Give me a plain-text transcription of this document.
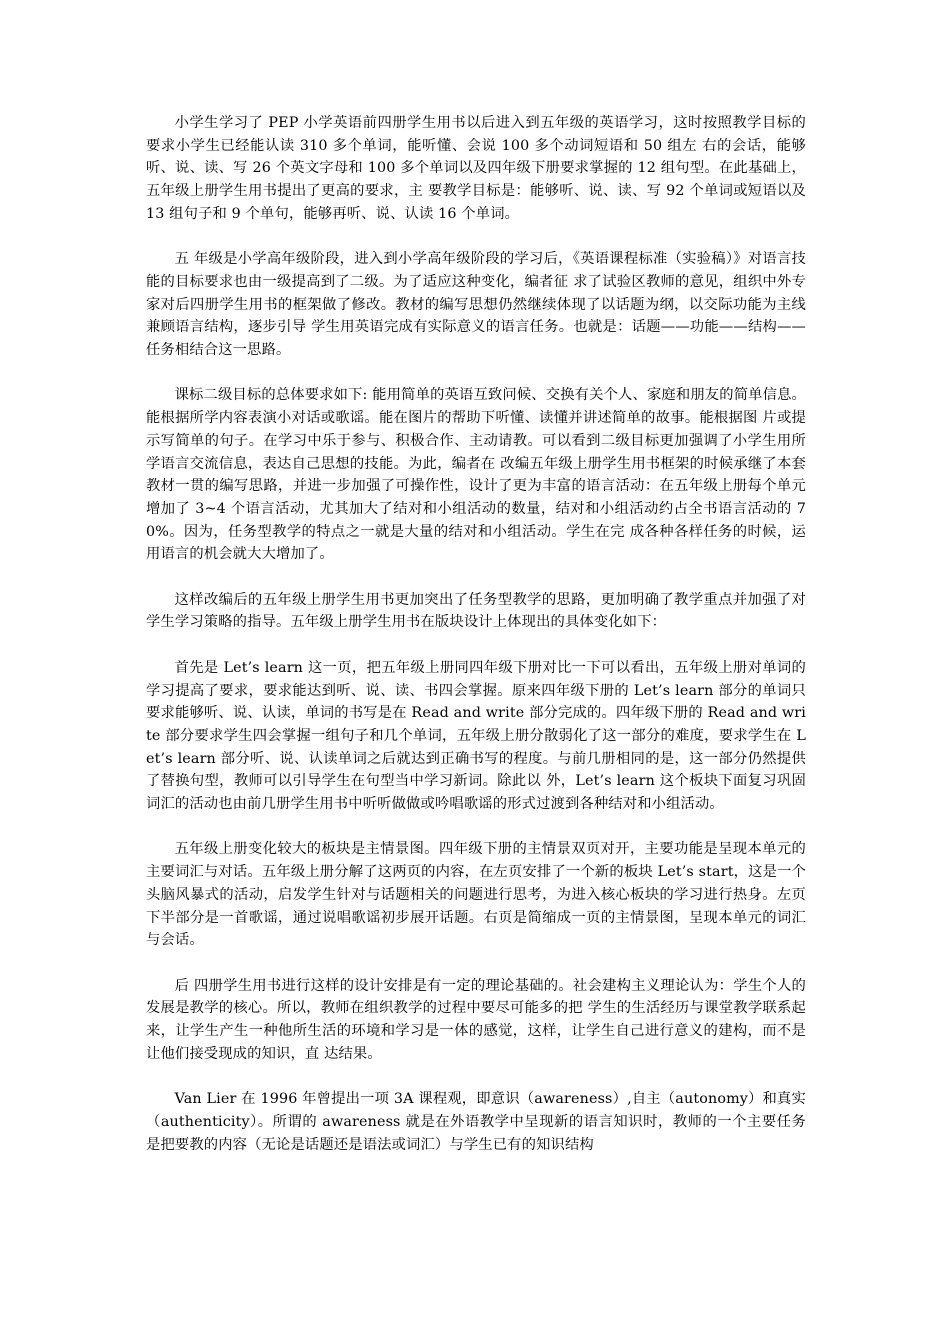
小学生学习了 PEP 小学英语前四册学生用书以后进入到五年级的英语学习，这时按照教学目标的要求小学生已经能认读 310 多个单词，能听懂、会说 100 多个动词短语和 50 组左 右的会话，能够听、说、读、写 26 个英文字母和 100 多个单词以及四年级下册要求掌握的 12 组句型。在此基础上，五年级上册学生用书提出了更高的要求，主 要教学目标是：能够听、说、读、写 92 个单词或短语以及 13 组句子和 9 个单句，能够再听、说、认读 16 个单词。

五 年级是小学高年级阶段，进入到小学高年级阶段的学习后，《英语课程标准（实验稿）》对语言技能的目标要求也由一级提高到了二级。为了适应这种变化，编者征 求了试验区教师的意见，组织中外专家对后四册学生用书的框架做了修改。教材的编写思想仍然继续体现了以话题为纲，以交际功能为主线兼顾语言结构，逐步引导 学生用英语完成有实际意义的语言任务。也就是：话题——功能——结构——任务相结合这一思路。

课标二级目标的总体要求如下: 能用简单的英语互致问候、交换有关个人、家庭和朋友的简单信息。能根据所学内容表演小对话或歌谣。能在图片的帮助下听懂、读懂并讲述简单的故事。能根据图 片或提示写简单的句子。在学习中乐于参与、积极合作、主动请教。可以看到二级目标更加强调了小学生用所学语言交流信息，表达自己思想的技能。为此，编者在 改编五年级上册学生用书框架的时候承继了本套教材一贯的编写思路，并进一步加强了可操作性，设计了更为丰富的语言活动：在五年级上册每个单元增加了 3~4 个语言活动，尤其加大了结对和小组活动的数量，结对和小组活动约占全书语言活动的 70%。因为，任务型教学的特点之一就是大量的结对和小组活动。学生在完 成各种各样任务的时候，运用语言的机会就大大增加了。

这样改编后的五年级上册学生用书更加突出了任务型教学的思路，更加明确了教学重点并加强了对学生学习策略的指导。五年级上册学生用书在版块设计上体现出的具体变化如下：

首先是 Let’s learn 这一页，把五年级上册同四年级下册对比一下可以看出，五年级上册对单词的学习提高了要求，要求能达到听、说、读、书四会掌握。原来四年级下册的 Let’s learn 部分的单词只要求能够听、说、认读，单词的书写是在 Read and write 部分完成的。四年级下册的 Read and write 部分要求学生四会掌握一组句子和几个单词，五年级上册分散弱化了这一部分的难度，要求学生在 Let’s learn 部分听、说、认读单词之后就达到正确书写的程度。与前几册相同的是，这一部分仍然提供了替换句型，教师可以引导学生在句型当中学习新词。除此以 外，Let’s learn 这个板块下面复习巩固词汇的活动也由前几册学生用书中听听做做或吟唱歌谣的形式过渡到各种结对和小组活动。

五年级上册变化较大的板块是主情景图。四年级下册的主情景双页对开，主要功能是呈现本单元的主要词汇与对话。五年级上册分解了这两页的内容，在左页安排了一个新的板块 Let’s start，这是一个头脑风暴式的活动，启发学生针对与话题相关的问题进行思考，为进入核心板块的学习进行热身。左页下半部分是一首歌谣，通过说唱歌谣初步展开话题。右页是简缩成一页的主情景图，呈现本单元的词汇与会话。

后 四册学生用书进行这样的设计安排是有一定的理论基础的。社会建构主义理论认为：学生个人的发展是教学的核心。所以，教师在组织教学的过程中要尽可能多的把 学生的生活经历与课堂教学联系起来，让学生产生一种他所生活的环境和学习是一体的感觉，这样，让学生自己进行意义的建构，而不是让他们接受现成的知识，直 达结果。

Van Lier 在 1996 年曾提出一项 3A 课程观，即意识（awareness）,自主（autonomy）和真实（authenticity）。所谓的 awareness 就是在外语教学中呈现新的语言知识时，教师的一个主要任务是把要教的内容（无论是话题还是语法或词汇）与学生已有的知识结构
